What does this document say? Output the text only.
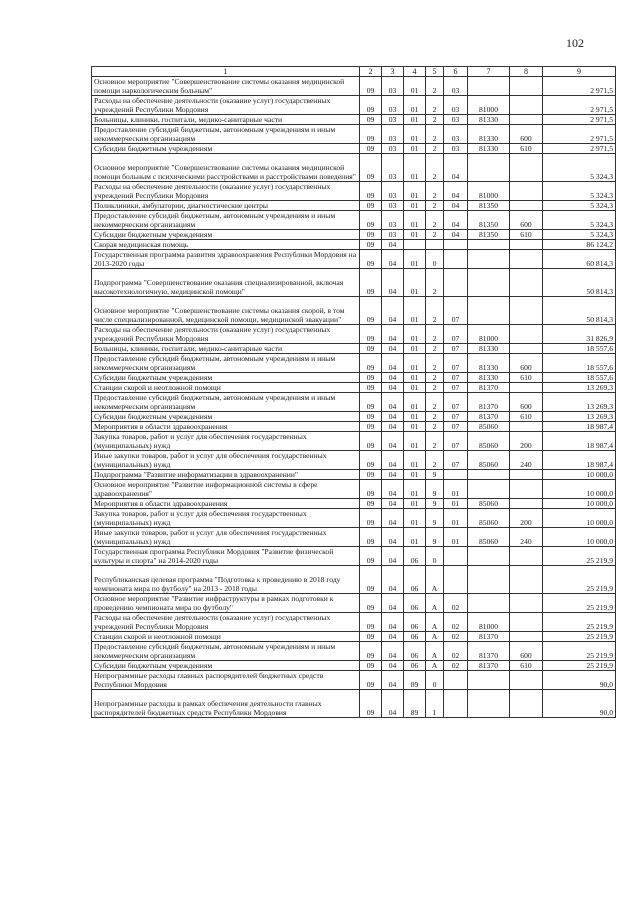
102
1	2	3	4	5	6	7	8	9
Основное мероприятие "Совершенствование системы оказания медицинской помощи наркологическим больным"	09	03	01	2	03			2 971,5
Расходы на обеспечение деятельности (оказание услуг) государственных учреждений Республики Мордовия	09	03	01	2	03	81000		2 971,5
Больницы, клиники, госпитали, медико-санитарные части	09	03	01	2	03	81330		2 971,5
Предоставление субсидий бюджетным, автономным учреждениям и иным некоммерческим организациям	09	03	01	2	03	81330	600	2 971,5
Субсидии бюджетным учреждениям	09	03	01	2	03	81330	610	2 971,5
Основное мероприятие "Совершенствование системы оказания медицинской помощи больным с психическими расстройствами и расстройствами поведения"	09	03	01	2	04			5 324,3
Расходы на обеспечение деятельности (оказание услуг) государственных учреждений Республики Мордовия	09	03	01	2	04	81000		5 324,3
Поликлиники, амбулатории, диагностические центры	09	03	01	2	04	81350		5 324,3
Предоставление субсидий бюджетным, автономным учреждениям и иным некоммерческим организациям	09	03	01	2	04	81350	600	5 324,3
Субсидии бюджетным учреждениям	09	03	01	2	04	81350	610	5 324,3
Скорая медицинская помощь	09	04						86 124,2
Государственная программа развития здравоохранения Республики Мордовия на 2013-2020 годы	09	04	01	0				60 814,3
Подпрограмма "Совершенствование оказания специализированной, включая высокотехнологичную, медицинской помощи"	09	04	01	2				50 814,3
Основное мероприятие "Совершенствование системы оказания скорой, в том числе специализированной, медицинской помощи, медицинской эвакуации"	09	04	01	2	07			50 814,3
Расходы на обеспечение деятельности (оказание услуг) государственных учреждений Республики Мордовия	09	04	01	2	07	81000		31 826,9
Больницы, клиники, госпитали, медико-санитарные части	09	04	01	2	07	81330		18 557,6
Предоставление субсидий бюджетным, автономным учреждениям и иным некоммерческим организациям	09	04	01	2	07	81330	600	18 557,6
Субсидии бюджетным учреждениям	09	04	01	2	07	81330	610	18 557,6
Станции скорой и неотложной помощи	09	04	01	2	07	81370		13 269,3
Предоставление субсидий бюджетным, автономным учреждениям и иным некоммерческим организациям	09	04	01	2	07	81370	600	13 269,3
Субсидии бюджетным учреждениям	09	04	01	2	07	81370	610	13 269,3
Мероприятия в области здравоохранения	09	04	01	2	07	85060		18 987,4
Закупка товаров, работ и услуг для обеспечения государственных (муниципальных) нужд	09	04	01	2	07	85060	200	18 987,4
Иные закупки товаров, работ и услуг для обеспечения государственных (муниципальных) нужд	09	04	01	2	07	85060	240	18 987,4
Подпрограмма "Развитие информатизации в здравоохранении"	09	04	01	9				10 000,0
Основное мероприятие "Развитие информационной системы в сфере здравоохранения"	09	04	01	9	01			10 000,0
Мероприятия в области здравоохранения	09	04	01	9	01	85060		10 000,0
Закупка товаров, работ и услуг для обеспечения государственных (муниципальных) нужд	09	04	01	9	01	85060	200	10 000,0
Иные закупки товаров, работ и услуг для обеспечения государственных (муниципальных) нужд	09	04	01	9	01	85060	240	10 000,0
Государственная программа Республики Мордовия "Развитие физической культуры и спорта" на 2014-2020 годы	09	04	06	0				25 219,9
Республиканская целевая программа "Подготовка к проведению в 2018 году чемпионата мира по футболу" на 2013 - 2018 годы	09	04	06	А				25 219,9
Основное мероприятие "Развитие инфраструктуры в рамках подготовки к проведению чемпионата мира по футболу"	09	04	06	А	02			25 219,9
Расходы на обеспечение деятельности (оказание услуг) государственных учреждений Республики Мордовия	09	04	06	А	02	81000		25 219,9
Станции скорой и неотложной помощи	09	04	06	А	02	81370		25 219,9
Предоставление субсидий бюджетным, автономным учреждениям и иным некоммерческим организациям	09	04	06	А	02	81370	600	25 219,9
Субсидии бюджетным учреждениям	09	04	06	А	02	81370	610	25 219,9
Непрограммные расходы главных распорядителей бюджетных средств Республики Мордовия	09	04	89	0				90,0
Непрограммные расходы в рамках обеспечения деятельности главных распорядителей бюджетных средств Республики Мордовия	09	04	89	1				90,0
